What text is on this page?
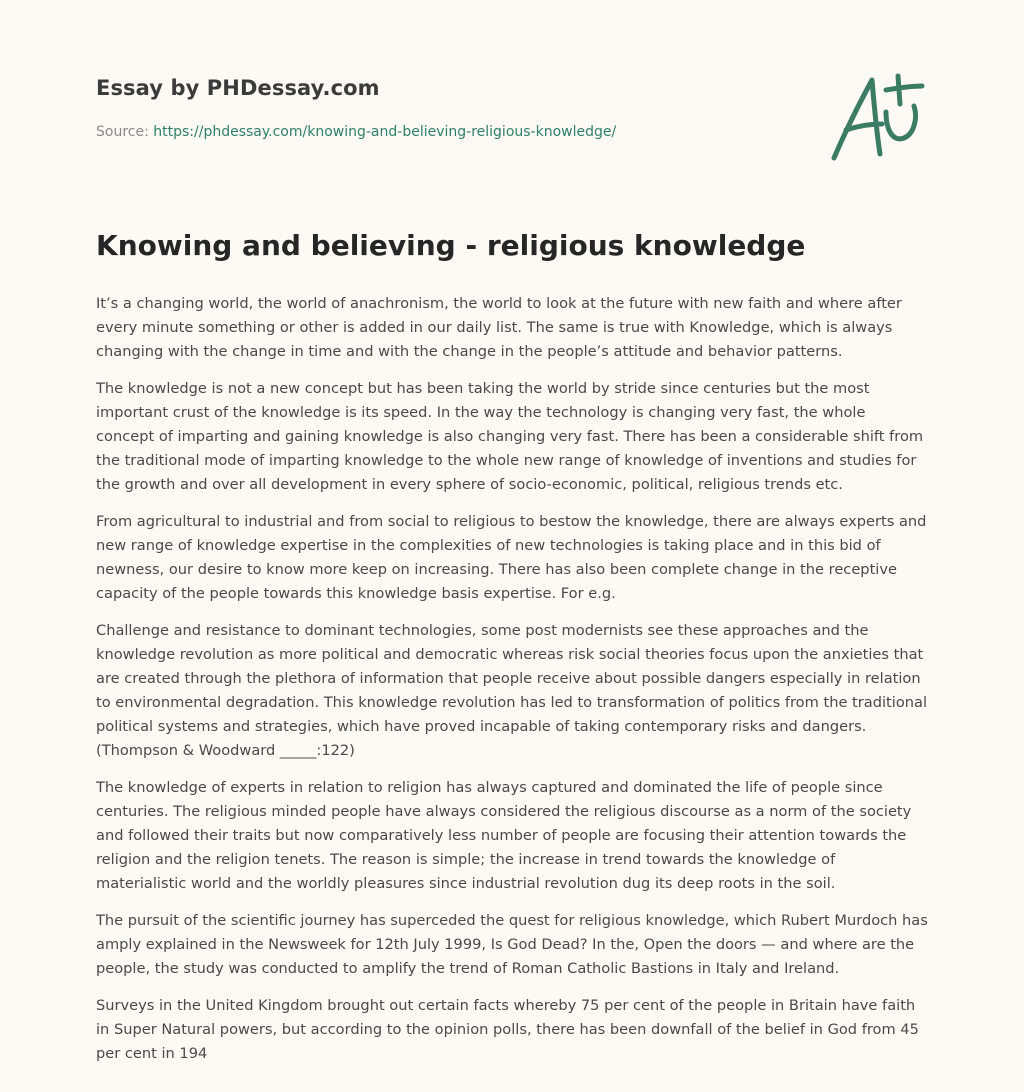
Essay by PHDessay.com
Source: https://phdessay.com/knowing-and-believing-religious-knowledge/
Knowing and believing - religious knowledge

It’s a changing world, the world of anachronism, the world to look at the future with new faith and where after every minute something or other is added in our daily list. The same is true with Knowledge, which is always changing with the change in time and with the change in the people’s attitude and behavior patterns.

The knowledge is not a new concept but has been taking the world by stride since centuries but the most important crust of the knowledge is its speed. In the way the technology is changing very fast, the whole concept of imparting and gaining knowledge is also changing very fast. There has been a considerable shift from the traditional mode of imparting knowledge to the whole new range of knowledge of inventions and studies for the growth and over all development in every sphere of socio-economic, political, religious trends etc.

From agricultural to industrial and from social to religious to bestow the knowledge, there are always experts and new range of knowledge expertise in the complexities of new technologies is taking place and in this bid of newness, our desire to know more keep on increasing. There has also been complete change in the receptive capacity of the people towards this knowledge basis expertise. For e.g.

Challenge and resistance to dominant technologies, some post modernists see these approaches and the knowledge revolution as more political and democratic whereas risk social theories focus upon the anxieties that are created through the plethora of information that people receive about possible dangers especially in relation to environmental degradation. This knowledge revolution has led to transformation of politics from the traditional political systems and strategies, which have proved incapable of taking contemporary risks and dangers. (Thompson & Woodward _____:122)

The knowledge of experts in relation to religion has always captured and dominated the life of people since centuries. The religious minded people have always considered the religious discourse as a norm of the society and followed their traits but now comparatively less number of people are focusing their attention towards the religion and the religion tenets. The reason is simple; the increase in trend towards the knowledge of materialistic world and the worldly pleasures since industrial revolution dug its deep roots in the soil.

The pursuit of the scientific journey has superceded the quest for religious knowledge, which Rubert Murdoch has amply explained in the Newsweek for 12th July 1999, Is God Dead? In the, Open the doors — and where are the people, the study was conducted to amplify the trend of Roman Catholic Bastions in Italy and Ireland.

Surveys in the United Kingdom brought out certain facts whereby 75 per cent of the people in Britain have faith in Super Natural powers, but according to the opinion polls, there has been downfall of the belief in God from 45 per cent in 194
